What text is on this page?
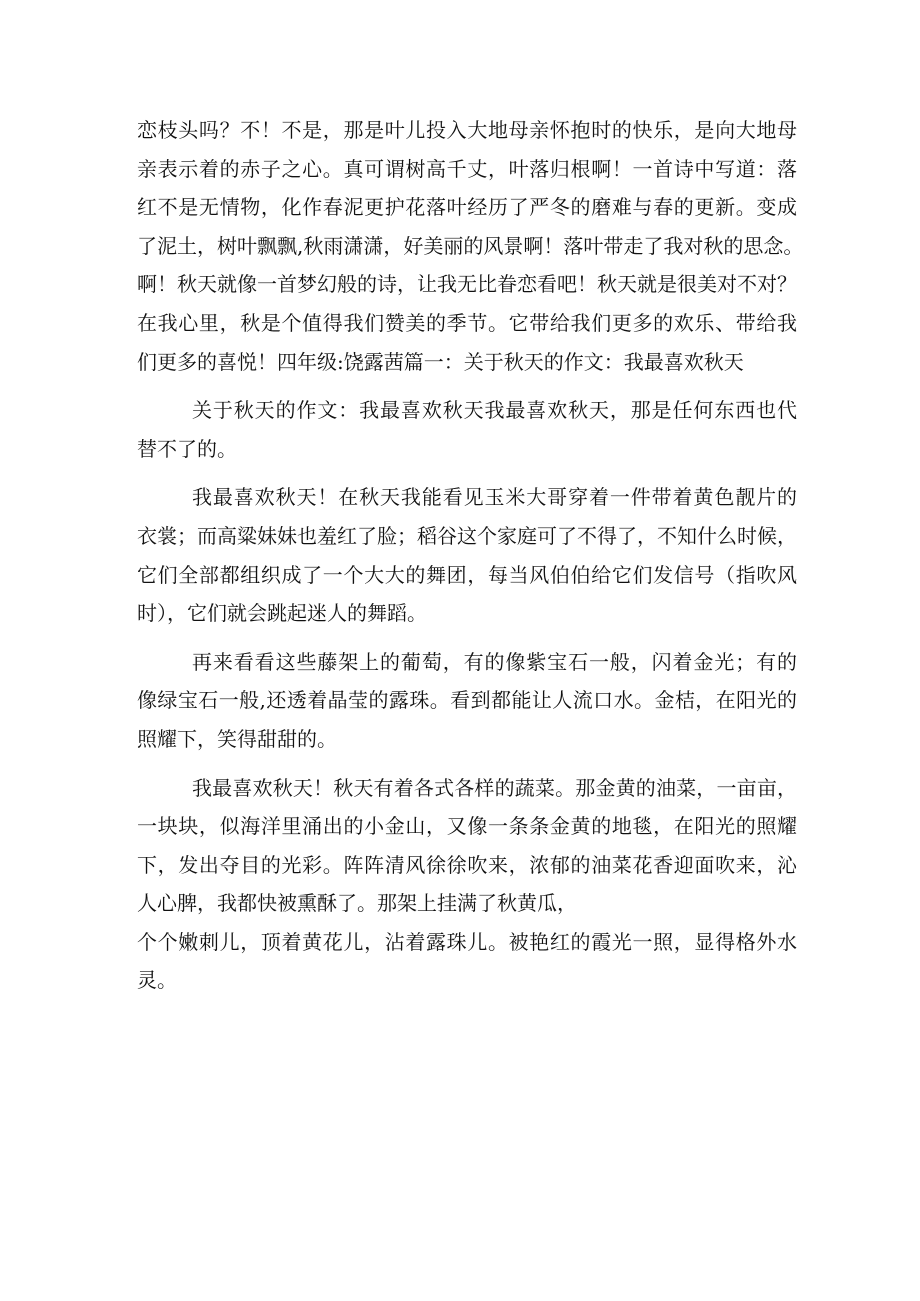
恋枝头吗？不！不是，那是叶儿投入大地母亲怀抱时的快乐，是向大地母
亲表示着的赤子之心。真可谓树高千丈，叶落归根啊！一首诗中写道：落
红不是无情物，化作春泥更护花落叶经历了严冬的磨难与春的更新。变成
了泥土，树叶飘飘,秋雨潇潇，好美丽的风景啊！落叶带走了我对秋的思念。
啊！秋天就像一首梦幻般的诗，让我无比眷恋看吧！秋天就是很美对不对？
在我心里，秋是个值得我们赞美的季节。它带给我们更多的欢乐、带给我
们更多的喜悦！四年级:饶露茜篇一：关于秋天的作文：我最喜欢秋天
关于秋天的作文：我最喜欢秋天我最喜欢秋天，那是任何东西也代
替不了的。
我最喜欢秋天！在秋天我能看见玉米大哥穿着一件带着黄色靓片的
衣裳；而高粱妹妹也羞红了脸；稻谷这个家庭可了不得了，不知什么时候，
它们全部都组织成了一个大大的舞团，每当风伯伯给它们发信号（指吹风
时），它们就会跳起迷人的舞蹈。
再来看看这些藤架上的葡萄，有的像紫宝石一般，闪着金光；有的
像绿宝石一般,还透着晶莹的露珠。看到都能让人流口水。金桔，在阳光的
照耀下，笑得甜甜的。
我最喜欢秋天！秋天有着各式各样的蔬菜。那金黄的油菜，一亩亩，
一块块，似海洋里涌出的小金山，又像一条条金黄的地毯，在阳光的照耀
下，发出夺目的光彩。阵阵清风徐徐吹来，浓郁的油菜花香迎面吹来，沁
人心脾，我都快被熏酥了。那架上挂满了秋黄瓜，
个个嫩刺儿，顶着黄花儿，沾着露珠儿。被艳红的霞光一照，显得格外水
灵。
